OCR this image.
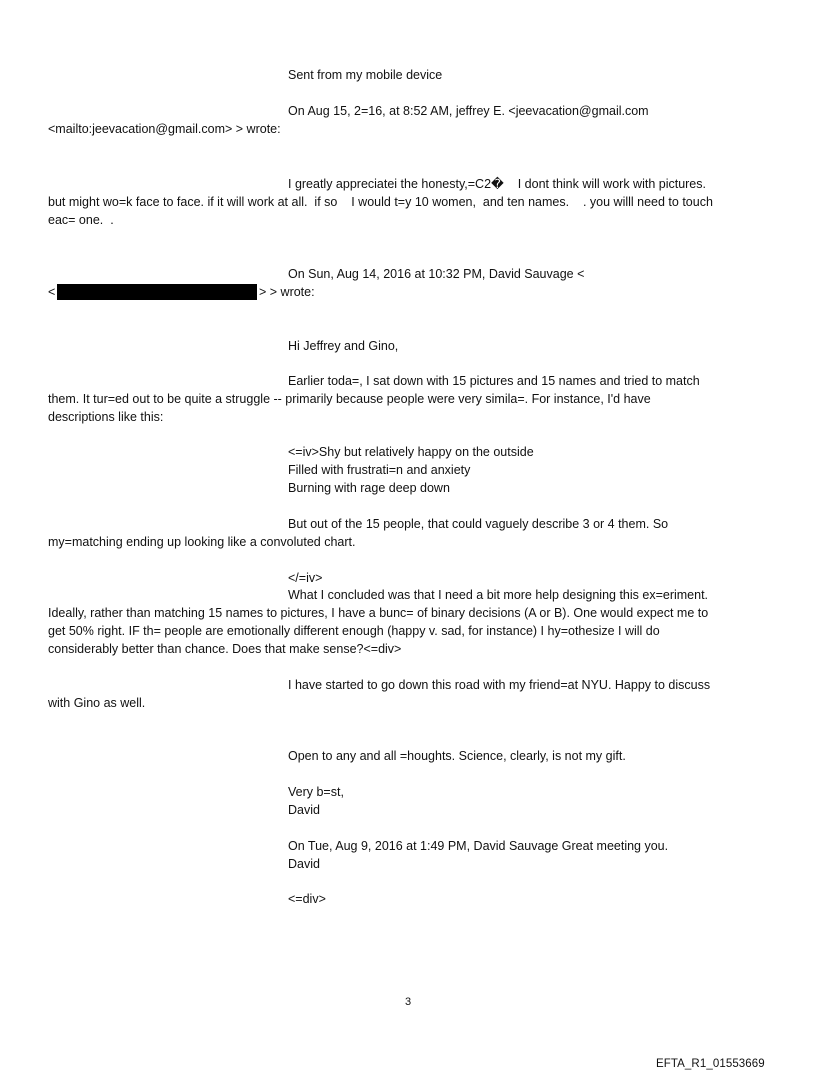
Sent from my mobile device
On Aug 15, 2=16, at 8:52 AM, jeffrey E. <jeevacation@gmail.com
<mailto:jeevacation@gmail.com> > wrote:
I greatly appreciatei the honesty,=C2�    I dont think will work with pictures.
but might wo=k face to face. if it will work at all.  if so    I would t=y 10 women,  and ten names.    . you willl need to touch
eac= one.  .
On Sun, Aug 14, 2016 at 10:32 PM, David Sauvage <
<	> > wrote:
Hi Jeffrey and Gino,
Earlier toda=, I sat down with 15 pictures and 15 names and tried to match
them. It tur=ed out to be quite a struggle -- primarily because people were very simila=. For instance, I'd have
descriptions like this:
<=iv>Shy but relatively happy on the outside
Filled with frustrati=n and anxiety
Burning with rage deep down
But out of the 15 people, that could vaguely describe 3 or 4 them. So
my=matching ending up looking like a convoluted chart.
</=iv>
What I concluded was that I need a bit more help designing this ex=eriment.
Ideally, rather than matching 15 names to pictures, I have a bunc= of binary decisions (A or B). One would expect me to
get 50% right. IF th= people are emotionally different enough (happy v. sad, for instance) I hy=othesize I will do
considerably better than chance. Does that make sense?<=div>
I have started to go down this road with my friend=at NYU. Happy to discuss
with Gino as well.
Open to any and all =houghts. Science, clearly, is not my gift.
Very b=st,
David
On Tue, Aug 9, 2016 at 1:49 PM, David Sauvage Great meeting you.
David
<=div>
3
EFTA_R1_01553669
